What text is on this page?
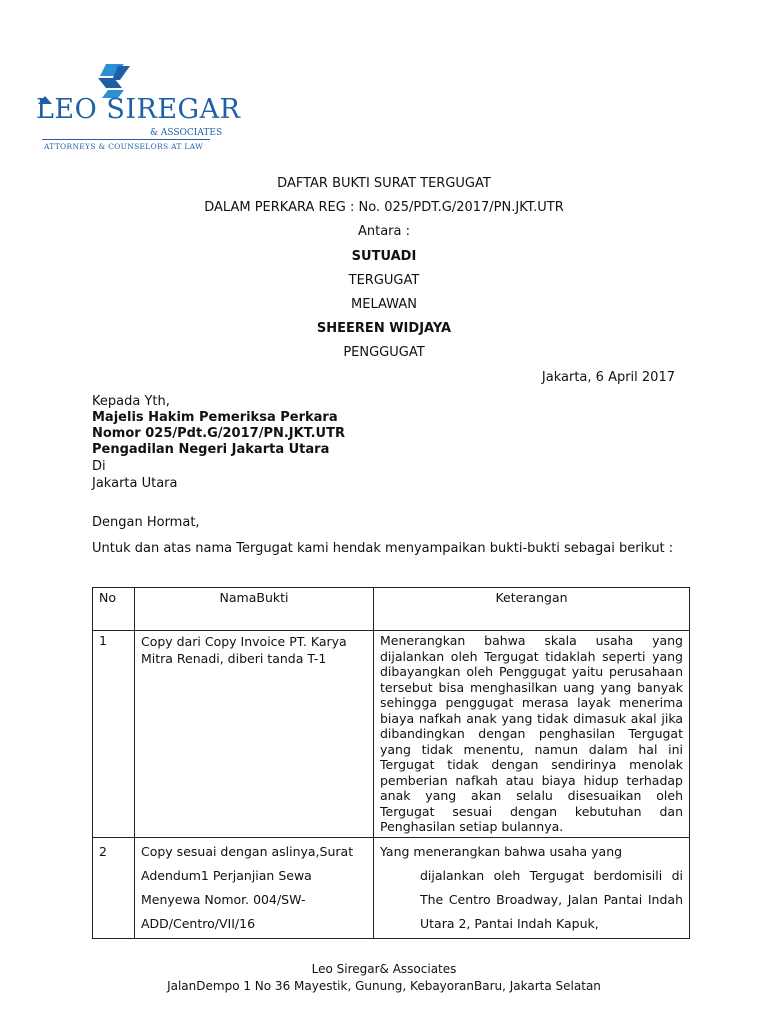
LEO SIREGAR
& ASSOCIATES
ATTORNEYS & COUNSELORS AT LAW
DAFTAR BUKTI SURAT TERGUGAT
DALAM PERKARA REG : No. 025/PDT.G/2017/PN.JKT.UTR
Antara :
SUTUADI
TERGUGAT
MELAWAN
SHEEREN WIDJAYA
PENGGUGAT
Jakarta, 6 April 2017
Kepada Yth,
Majelis Hakim Pemeriksa Perkara
Nomor 025/Pdt.G/2017/PN.JKT.UTR
Pengadilan Negeri Jakarta Utara
Di
Jakarta Utara
Dengan Hormat,
Untuk dan atas nama Tergugat kami hendak menyampaikan bukti-bukti sebagai berikut :
No	NamaBukti	Keterangan
1	Copy dari Copy Invoice PT. Karya Mitra Renadi, diberi tanda T-1	Menerangkan bahwa skala usaha yang dijalankan oleh Tergugat tidaklah seperti yang dibayangkan oleh Penggugat yaitu perusahaan tersebut bisa menghasilkan uang yang banyak sehingga penggugat merasa layak menerima biaya nafkah anak yang tidak dimasuk akal jika dibandingkan dengan penghasilan Tergugat yang tidak menentu, namun dalam hal ini Tergugat tidak dengan sendirinya menolak pemberian nafkah atau biaya hidup terhadap anak yang akan selalu disesuaikan oleh Tergugat sesuai dengan kebutuhan dan Penghasilan setiap bulannya.
2	Copy sesuai dengan aslinya,Surat Adendum1 Perjanjian Sewa Menyewa Nomor. 004/SW-ADD/Centro/VII/16	Yang menerangkan bahwa usaha yang
dijalankan oleh Tergugat berdomisili di The Centro Broadway, Jalan Pantai Indah Utara 2, Pantai Indah Kapuk,
Leo Siregar& Associates
JalanDempo 1 No 36 Mayestik, Gunung, KebayoranBaru, Jakarta Selatan
